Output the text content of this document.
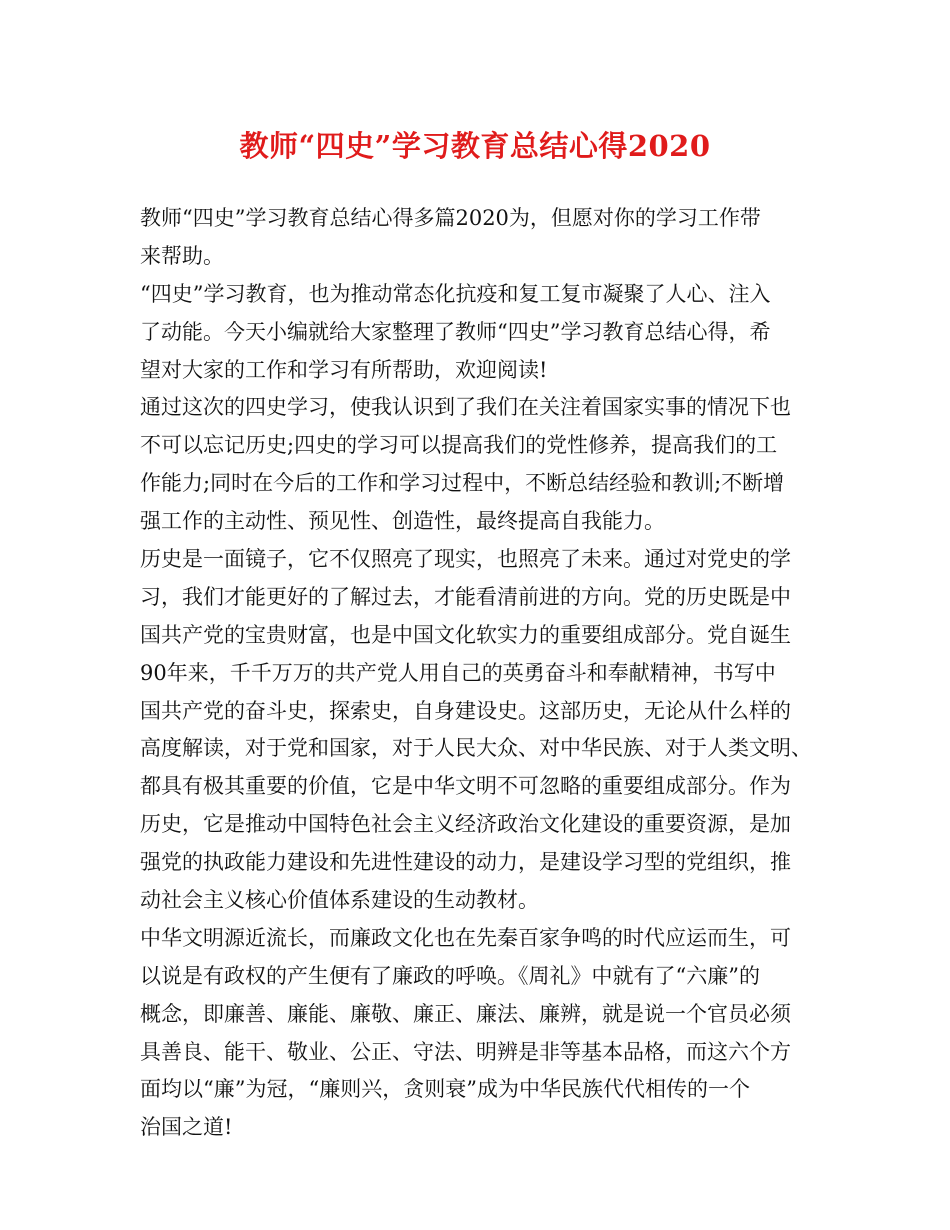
教师“四史”学习教育总结心得2020
教师“四史”学习教育总结心得多篇2020为，但愿对你的学习工作带
来帮助。
“四史”学习教育，也为推动常态化抗疫和复工复市凝聚了人心、注入
了动能。今天小编就给大家整理了教师“四史”学习教育总结心得，希
望对大家的工作和学习有所帮助，欢迎阅读!
通过这次的四史学习，使我认识到了我们在关注着国家实事的情况下也
不可以忘记历史;四史的学习可以提高我们的党性修养，提高我们的工
作能力;同时在今后的工作和学习过程中，不断总结经验和教训;不断增
强工作的主动性、预见性、创造性，最终提高自我能力。
历史是一面镜子，它不仅照亮了现实，也照亮了未来。通过对党史的学
习，我们才能更好的了解过去，才能看清前进的方向。党的历史既是中
国共产党的宝贵财富，也是中国文化软实力的重要组成部分。党自诞生
90年来，千千万万的共产党人用自己的英勇奋斗和奉献精神，书写中
国共产党的奋斗史，探索史，自身建设史。这部历史，无论从什么样的
高度解读，对于党和国家，对于人民大众、对中华民族、对于人类文明、
都具有极其重要的价值，它是中华文明不可忽略的重要组成部分。作为
历史，它是推动中国特色社会主义经济政治文化建设的重要资源，是加
强党的执政能力建设和先进性建设的动力，是建设学习型的党组织，推
动社会主义核心价值体系建设的生动教材。
中华文明源近流长，而廉政文化也在先秦百家争鸣的时代应运而生，可
以说是有政权的产生便有了廉政的呼唤。《周礼》中就有了“六廉”的
概念，即廉善、廉能、廉敬、廉正、廉法、廉辨，就是说一个官员必须
具善良、能干、敬业、公正、守法、明辨是非等基本品格，而这六个方
面均以“廉”为冠，“廉则兴，贪则衰”成为中华民族代代相传的一个
治国之道!
